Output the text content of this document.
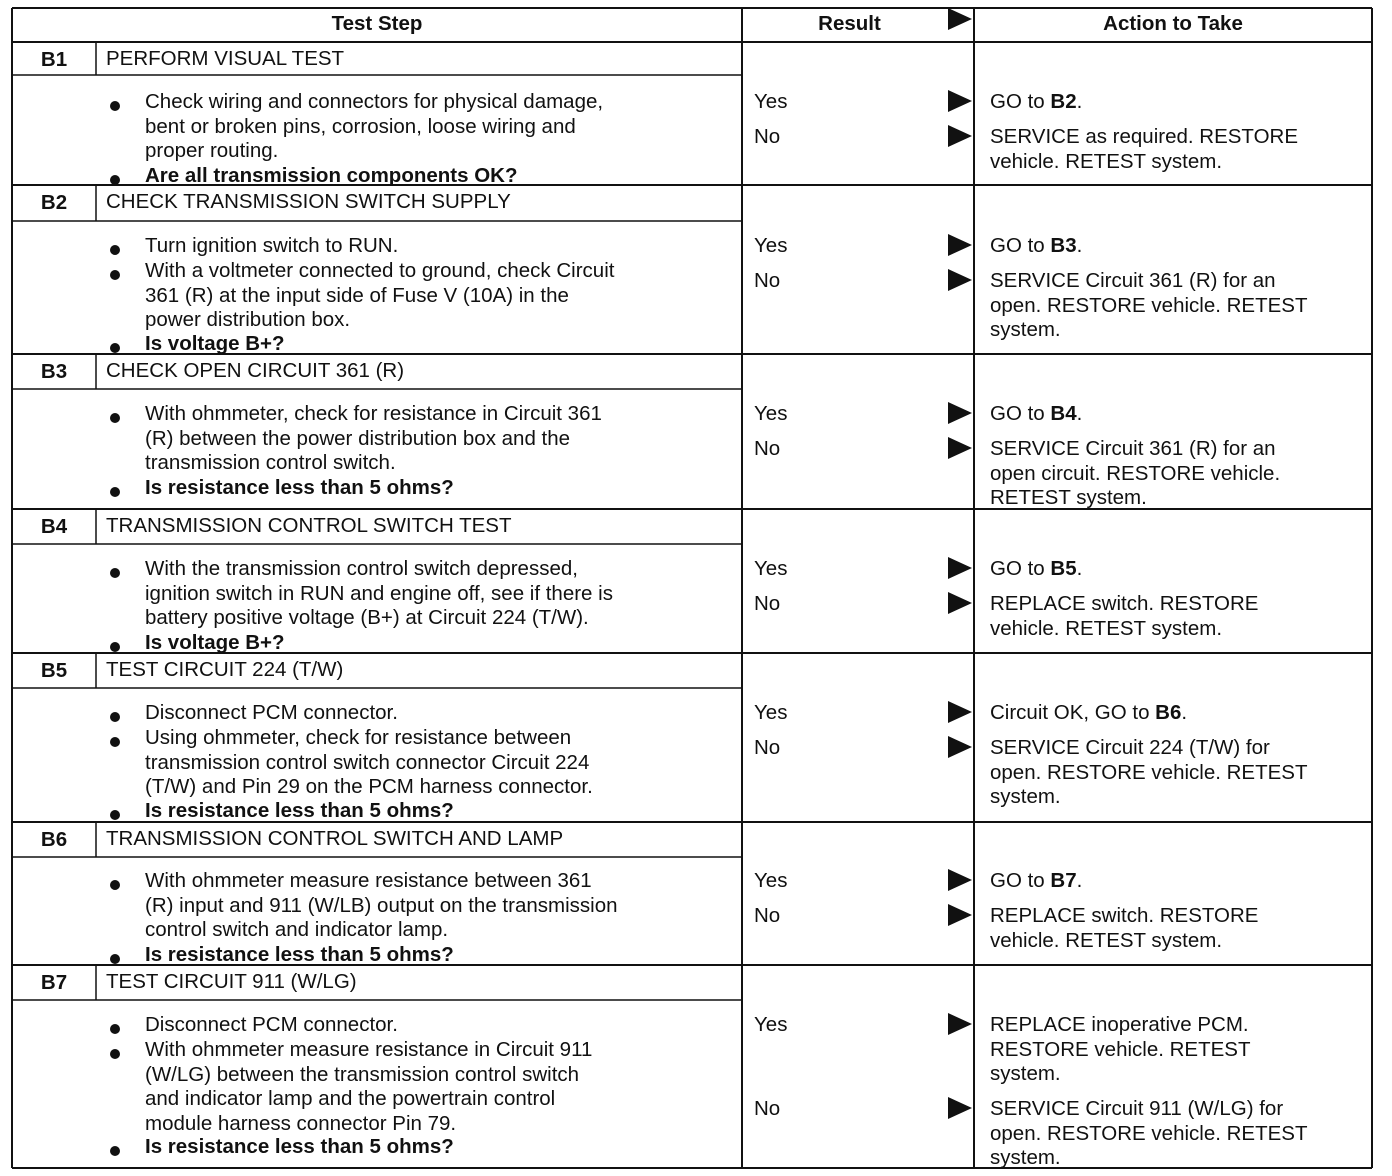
Test Step	Result	Action to Take
B1	PERFORM VISUAL TEST
Check wiring and connectors for physical damage,
bent or broken pins, corrosion, loose wiring and
proper routing.
Are all transmission components OK?
Yes	GO to B2.
No	SERVICE as required. RESTORE
vehicle. RETEST system.
B2	CHECK TRANSMISSION SWITCH SUPPLY
Turn ignition switch to RUN.
With a voltmeter connected to ground, check Circuit
361 (R) at the input side of Fuse V (10A) in the
power distribution box.
Is voltage B+?
Yes	GO to B3.
No	SERVICE Circuit 361 (R) for an
open. RESTORE vehicle. RETEST
system.
B3	CHECK OPEN CIRCUIT 361 (R)
With ohmmeter, check for resistance in Circuit 361
(R) between the power distribution box and the
transmission control switch.
Is resistance less than 5 ohms?
Yes	GO to B4.
No	SERVICE Circuit 361 (R) for an
open circuit. RESTORE vehicle.
RETEST system.
B4	TRANSMISSION CONTROL SWITCH TEST
With the transmission control switch depressed,
ignition switch in RUN and engine off, see if there is
battery positive voltage (B+) at Circuit 224 (T/W).
Is voltage B+?
Yes	GO to B5.
No	REPLACE switch. RESTORE
vehicle. RETEST system.
B5	TEST CIRCUIT 224 (T/W)
Disconnect PCM connector.
Using ohmmeter, check for resistance between
transmission control switch connector Circuit 224
(T/W) and Pin 29 on the PCM harness connector.
Is resistance less than 5 ohms?
Yes	Circuit OK, GO to B6.
No	SERVICE Circuit 224 (T/W) for
open. RESTORE vehicle. RETEST
system.
B6	TRANSMISSION CONTROL SWITCH AND LAMP
With ohmmeter measure resistance between 361
(R) input and 911 (W/LB) output on the transmission
control switch and indicator lamp.
Is resistance less than 5 ohms?
Yes	GO to B7.
No	REPLACE switch. RESTORE
vehicle. RETEST system.
B7	TEST CIRCUIT 911 (W/LG)
Disconnect PCM connector.
With ohmmeter measure resistance in Circuit 911
(W/LG) between the transmission control switch
and indicator lamp and the powertrain control
module harness connector Pin 79.
Is resistance less than 5 ohms?
Yes	REPLACE inoperative PCM.
RESTORE vehicle. RETEST
system.
No	SERVICE Circuit 911 (W/LG) for
open. RESTORE vehicle. RETEST
system.
